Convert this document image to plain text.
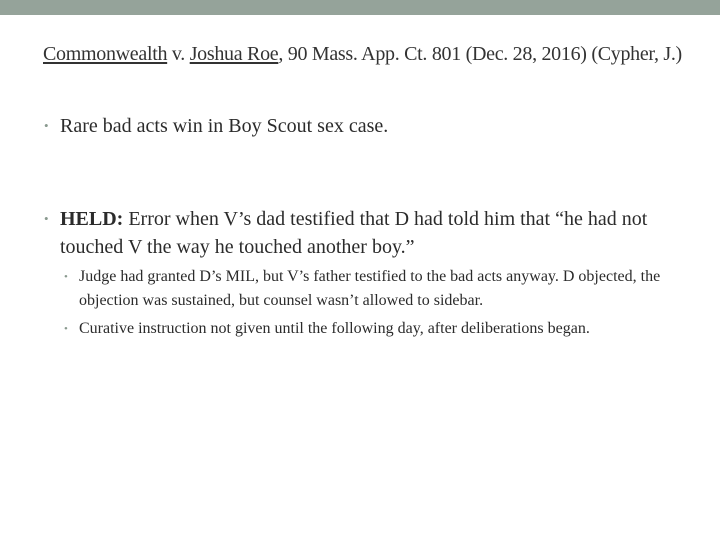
Commonwealth v. Joshua Roe, 90 Mass. App. Ct. 801 (Dec. 28, 2016) (Cypher, J.)
• Rare bad acts win in Boy Scout sex case.
• HELD: Error when V’s dad testified that D had told him that “he had not touched V the way he touched another boy.”
• Judge had granted D’s MIL, but V’s father testified to the bad acts anyway. D objected, the objection was sustained, but counsel wasn’t allowed to sidebar.
• Curative instruction not given until the following day, after deliberations began.
